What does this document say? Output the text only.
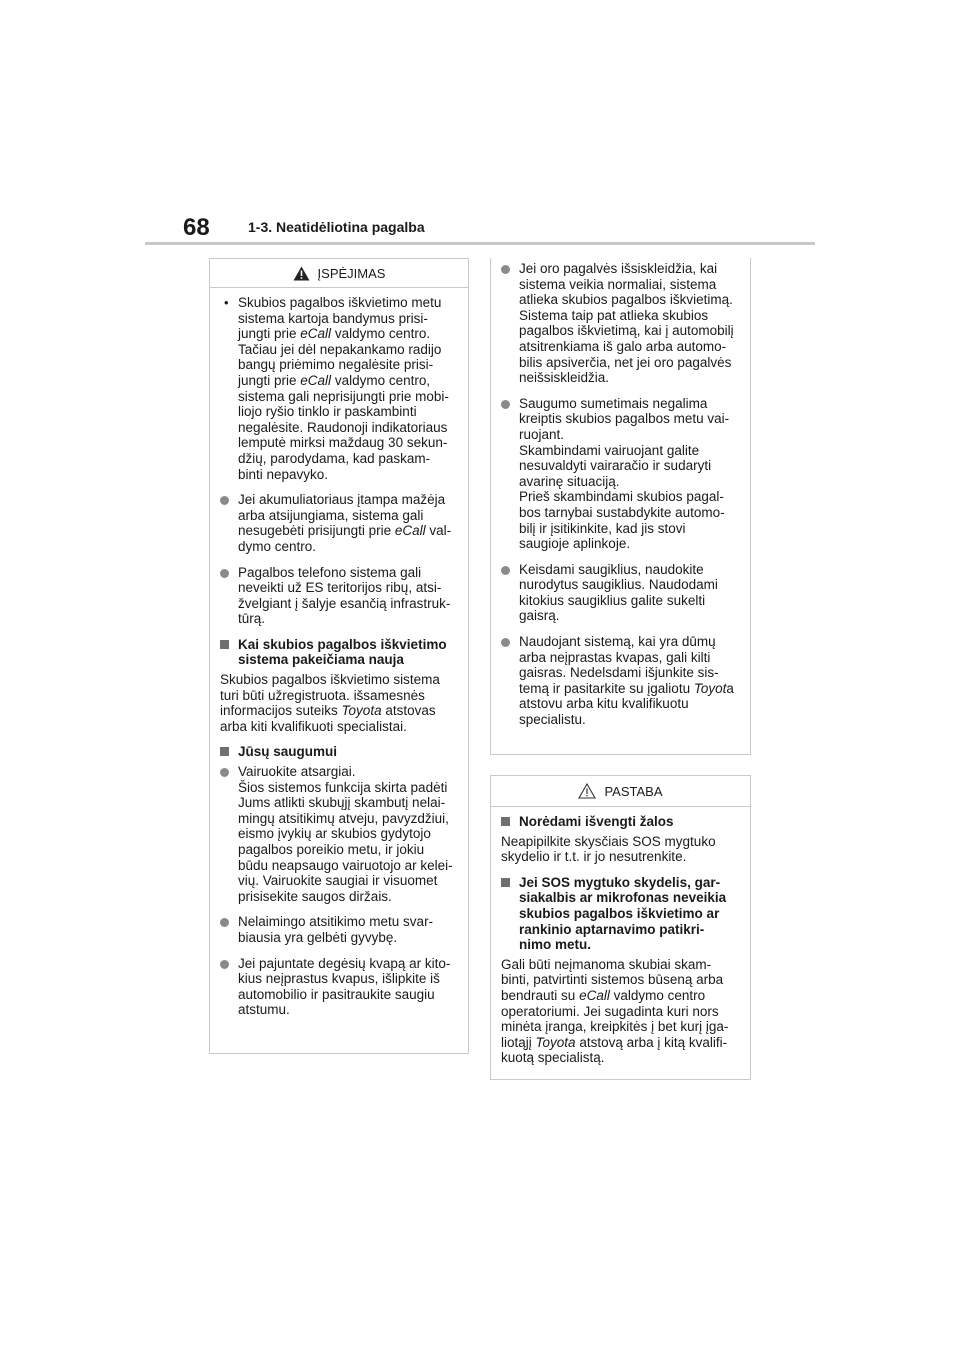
68	1-3. Neatidėliotina pagalba
ĮSPĖJIMAS
• Skubios pagalbos iškvietimo metu
sistema kartoja bandymus prisi-
jungti prie eCall valdymo centro.
Tačiau jei dėl nepakankamo radijo
bangų priėmimo negalėsite prisi-
jungti prie eCall valdymo centro,
sistema gali neprisijungti prie mobi-
liojo ryšio tinklo ir paskambinti
negalėsite. Raudonoji indikatoriaus
lemputė mirksi maždaug 30 sekun-
džių, parodydama, kad paskam-
binti nepavyko.
Jei akumuliatoriaus įtampa mažėja
arba atsijungiama, sistema gali
nesugebėti prisijungti prie eCall val-
dymo centro.
Pagalbos telefono sistema gali
neveikti už ES teritorijos ribų, atsi-
žvelgiant į šalyje esančią infrastruk-
tūrą.
Kai skubios pagalbos iškvietimo
sistema pakeičiama nauja
Skubios pagalbos iškvietimo sistema
turi būti užregistruota. išsamesnės
informacijos suteiks Toyota atstovas
arba kiti kvalifikuoti specialistai.
Jūsų saugumui
Vairuokite atsargiai.
Šios sistemos funkcija skirta padėti
Jums atlikti skubųjį skambutį nelai-
mingų atsitikimų atveju, pavyzdžiui,
eismo įvykių ar skubios gydytojo
pagalbos poreikio metu, ir jokiu
būdu neapsaugo vairuotojo ar kelei-
vių. Vairuokite saugiai ir visuomet
prisisekite saugos diržais.
Nelaimingo atsitikimo metu svar-
biausia yra gelbėti gyvybę.
Jei pajuntate degėsių kvapą ar kito-
kius neįprastus kvapus, išlipkite iš
automobilio ir pasitraukite saugiu
atstumu.
Jei oro pagalvės išsiskleidžia, kai
sistema veikia normaliai, sistema
atlieka skubios pagalbos iškvietimą.
Sistema taip pat atlieka skubios
pagalbos iškvietimą, kai į automobilį
atsitrenkiama iš galo arba automo-
bilis apsiverčia, net jei oro pagalvės
neišsiskleidžia.
Saugumo sumetimais negalima
kreiptis skubios pagalbos metu vai-
ruojant.
Skambindami vairuojant galite
nesuvaldyti vairaračio ir sudaryti
avarinę situaciją.
Prieš skambindami skubios pagal-
bos tarnybai sustabdykite automo-
bilį ir įsitikinkite, kad jis stovi
saugioje aplinkoje.
Keisdami saugiklius, naudokite
nurodytus saugiklius. Naudodami
kitokius saugiklius galite sukelti
gaisrą.
Naudojant sistemą, kai yra dūmų
arba neįprastas kvapas, gali kilti
gaisras. Nedelsdami išjunkite sis-
temą ir pasitarkite su įgaliotu Toyota
atstovu arba kitu kvalifikuotu
specialistu.
PASTABA
Norėdami išvengti žalos
Neapipilkite skysčiais SOS mygtuko
skydelio ir t.t. ir jo nesutrenkite.
Jei SOS mygtuko skydelis, gar-
siakalbis ar mikrofonas neveikia
skubios pagalbos iškvietimo ar
rankinio aptarnavimo patikri-
nimo metu.
Gali būti neįmanoma skubiai skam-
binti, patvirtinti sistemos būseną arba
bendrauti su eCall valdymo centro
operatoriumi. Jei sugadinta kuri nors
minėta įranga, kreipkitės į bet kurį įga-
liotąjį Toyota atstovą arba į kitą kvalifi-
kuotą specialistą.
